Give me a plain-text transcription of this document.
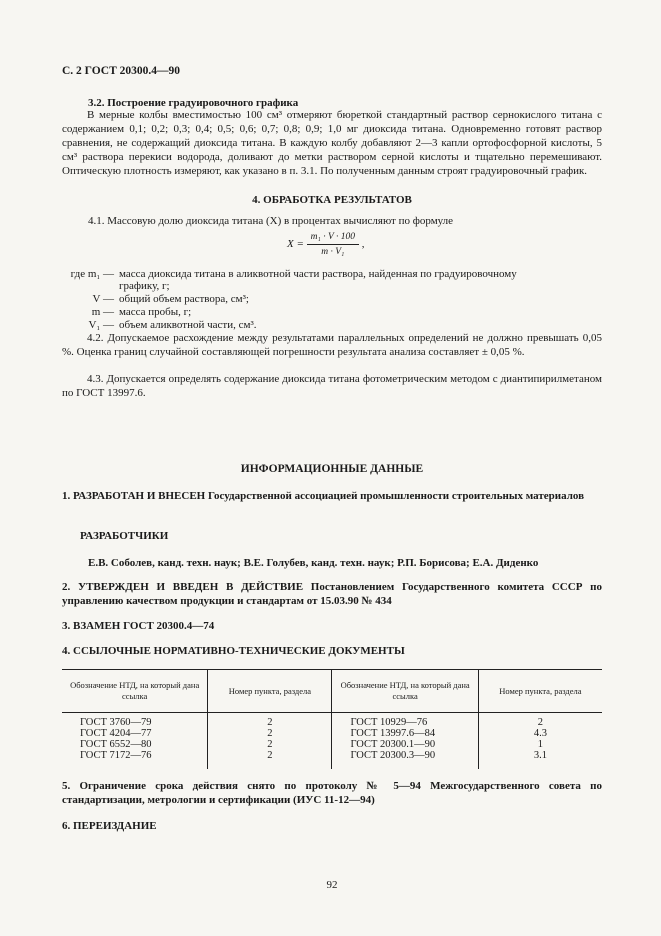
С. 2 ГОСТ 20300.4—90
3.2. Построение градуировочного графика
В мерные колбы вместимостью 100 см³ отмеряют бюреткой стандартный раствор сернокислого титана с содержанием 0,1; 0,2; 0,3; 0,4; 0,5; 0,6; 0,7; 0,8; 0,9; 1,0 мг диоксида титана. Одновременно готовят раствор сравнения, не содержащий диоксида титана. В каждую колбу добавляют 2—3 капли ортофосфорной кислоты, 5 см³ раствора перекиси водорода, доливают до метки раствором серной кислоты и тщательно перемешивают. Оптическую плотность измеряют, как указано в п. 3.1. По полученным данным строят градуировочный график.
4. ОБРАБОТКА РЕЗУЛЬТАТОВ
4.1. Массовую долю диоксида титана (X) в процентах вычисляют по формуле
$X = \frac{\text{m₁ · V · 100}}{\text{m · V₁}}$ ,
где m₁ — масса диоксида титана в аликвотной части раствора, найденная по градуировочному
графику, г;
V — общий объем раствора, см³;
m — масса пробы, г;
V₁ — объем аликвотной части, см³.
4.2. Допускаемое расхождение между результатами параллельных определений не должно превышать 0,05 %. Оценка границ случайной составляющей погрешности результата анализа составляет ± 0,05 %.
4.3. Допускается определять содержание диоксида титана фотометрическим методом с диантипирилметаном по ГОСТ 13997.6.
ИНФОРМАЦИОННЫЕ ДАННЫЕ
1. РАЗРАБОТАН И ВНЕСЕН Государственной ассоциацией промышленности строительных материалов
РАЗРАБОТЧИКИ
Е.В. Соболев, канд. техн. наук; В.Е. Голубев, канд. техн. наук; Р.П. Борисова; Е.А. Диденко
2. УТВЕРЖДЕН И ВВЕДЕН В ДЕЙСТВИЕ Постановлением Государственного комитета СССР по управлению качеством продукции и стандартам от 15.03.90 № 434
3. ВЗАМЕН ГОСТ 20300.4—74
4. ССЫЛОЧНЫЕ НОРМАТИВНО-ТЕХНИЧЕСКИЕ ДОКУМЕНТЫ
Обозначение НТД, на который дана ссылка	Номер пункта, раздела	Обозначение НТД, на который дана ссылка	Номер пункта, раздела
ГОСТ 3760—79	2	ГОСТ 10929—76	2
ГОСТ 4204—77	2	ГОСТ 13997.6—84	4.3
ГОСТ 6552—80	2	ГОСТ 20300.1—90	1
ГОСТ 7172—76	2	ГОСТ 20300.3—90	3.1
5. Ограничение срока действия снято по протоколу № 5—94 Межгосударственного совета по стандартизации, метрологии и сертификации (ИУС 11-12—94)
6. ПЕРЕИЗДАНИЕ
92
